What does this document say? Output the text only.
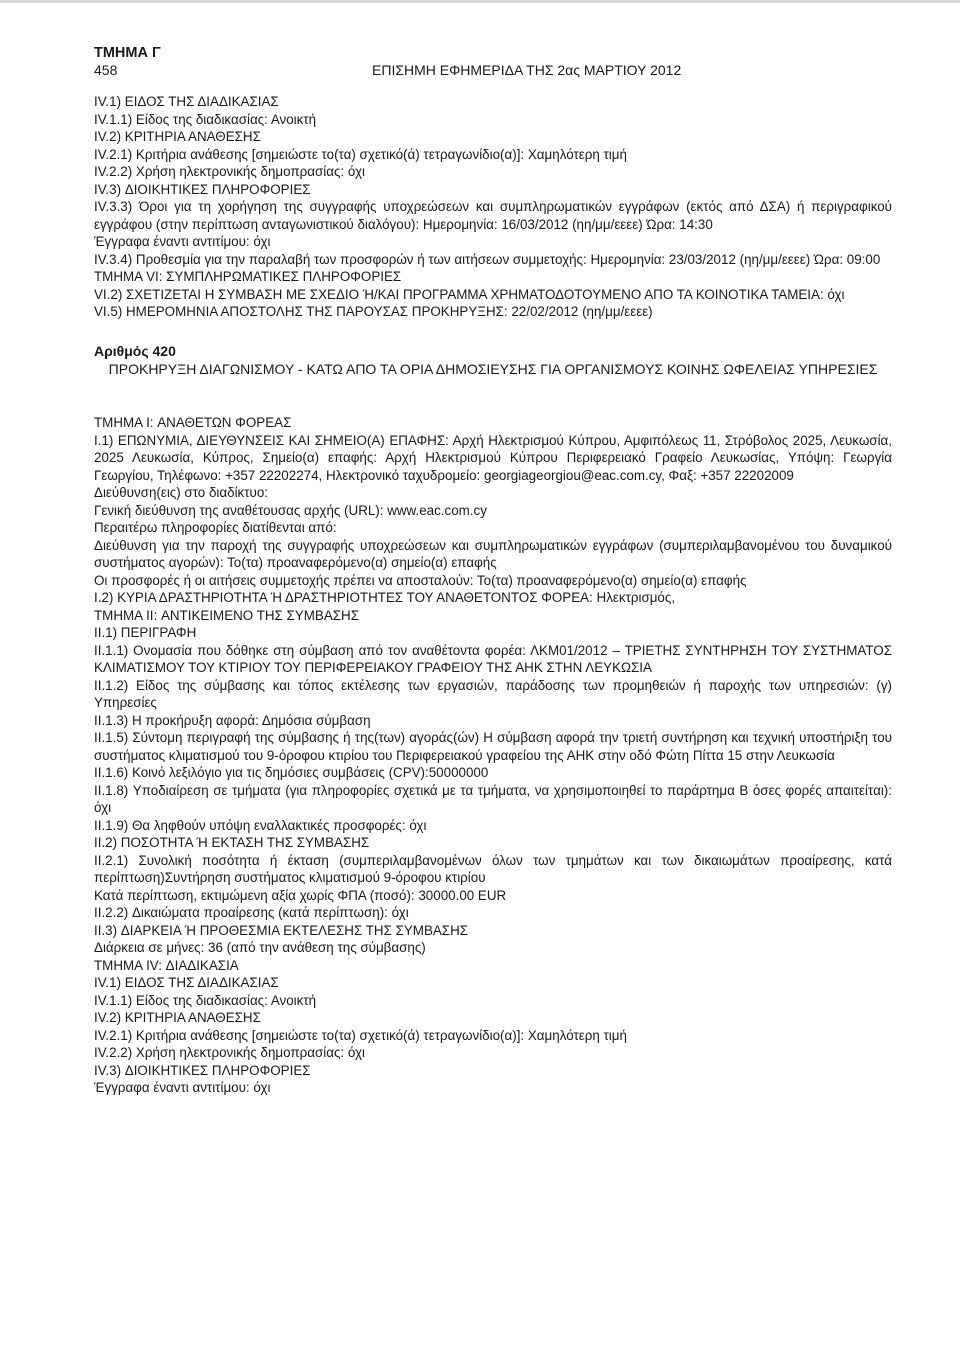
ΤΜΗΜΑ Γ
458	ΕΠΙΣΗΜΗ ΕΦΗΜΕΡΙΔΑ ΤΗΣ 2ας ΜΑΡΤΙΟΥ 2012
IV.1) ΕΙΔΟΣ ΤΗΣ ΔΙΑΔΙΚΑΣΙΑΣ
IV.1.1) Είδος της διαδικασίας: Ανοικτή
IV.2) ΚΡΙΤΗΡΙΑ ΑΝΑΘΕΣΗΣ
IV.2.1) Κριτήρια ανάθεσης [σημειώστε το(τα) σχετικό(ά) τετραγωνίδιο(α)]: Χαμηλότερη τιμή
IV.2.2) Χρήση ηλεκτρονικής δημοπρασίας: όχι
IV.3) ΔΙΟΙΚΗΤΙΚΕΣ ΠΛΗΡΟΦΟΡΙΕΣ
IV.3.3) Όροι για τη χορήγηση της συγγραφής υποχρεώσεων και συμπληρωματικών εγγράφων (εκτός από ΔΣΑ) ή περιγραφικού εγγράφου (στην περίπτωση ανταγωνιστικού διαλόγου): Ημερομηνία: 16/03/2012 (ηη/μμ/εεεε) Ώρα: 14:30
Έγγραφα έναντι αντιτίμου: όχι
IV.3.4) Προθεσμία για την παραλαβή των προσφορών ή των αιτήσεων συμμετοχής: Ημερομηνία: 23/03/2012 (ηη/μμ/εεεε) Ώρα: 09:00
ΤΜΗΜΑ VI: ΣΥΜΠΛΗΡΩΜΑΤΙΚΕΣ ΠΛΗΡΟΦΟΡΙΕΣ
VI.2) ΣΧΕΤΙΖΕΤΑΙ Η ΣΥΜΒΑΣΗ ΜΕ ΣΧΕΔΙΟ Ή/ΚΑΙ ΠΡΟΓΡΑΜΜΑ ΧΡΗΜΑΤΟΔΟΤΟΥΜΕΝΟ ΑΠΟ ΤΑ ΚΟΙΝΟΤΙΚΑ ΤΑΜΕΙΑ: όχι
VI.5) ΗΜΕΡΟΜΗΝΙΑ ΑΠΟΣΤΟΛΗΣ ΤΗΣ ΠΑΡΟΥΣΑΣ ΠΡΟΚΗΡΥΞΗΣ: 22/02/2012 (ηη/μμ/εεεε)
Αριθμός 420
ΠΡΟΚΗΡΥΞΗ ΔΙΑΓΩΝΙΣΜΟΥ - ΚΑΤΩ ΑΠΟ ΤΑ ΟΡΙΑ ΔΗΜΟΣΙΕΥΣΗΣ ΓΙΑ ΟΡΓΑΝΙΣΜΟΥΣ ΚΟΙΝΗΣ ΩΦΕΛΕΙΑΣ ΥΠΗΡΕΣΙΕΣ
ΤΜΗΜΑ I: ΑΝΑΘΕΤΩΝ ΦΟΡΕΑΣ
I.1) ΕΠΩΝΥΜΙΑ, ΔΙΕΥΘΥΝΣΕΙΣ ΚΑΙ ΣΗΜΕΙΟ(Α) ΕΠΑΦΗΣ: Αρχή Ηλεκτρισμού Κύπρου, Αμφιπόλεως 11, Στρόβολος 2025, Λευκωσία, 2025 Λευκωσία, Κύπρος, Σημείο(α) επαφής: Αρχή Ηλεκτρισμού Κύπρου Περιφερειακό Γραφείο Λευκωσίας, Υπόψη: Γεωργία Γεωργίου, Τηλέφωνο: +357 22202274, Ηλεκτρονικό ταχυδρομείο: georgiageorgiou@eac.com.cy, Φαξ: +357 22202009
Διεύθυνση(εις) στο διαδίκτυο:
Γενική διεύθυνση της αναθέτουσας αρχής (URL): www.eac.com.cy
Περαιτέρω πληροφορίες διατίθενται από:
Διεύθυνση για την παροχή της συγγραφής υποχρεώσεων και συμπληρωματικών εγγράφων (συμπεριλαμβανομένου του δυναμικού συστήματος αγορών): Το(τα) προαναφερόμενο(α) σημείο(α) επαφής
Οι προσφορές ή οι αιτήσεις συμμετοχής πρέπει να αποσταλούν: Το(τα) προαναφερόμενο(α) σημείο(α) επαφής
I.2) ΚΥΡΙΑ ΔΡΑΣΤΗΡΙΟΤΗΤΑ Ή ΔΡΑΣΤΗΡΙΟΤΗΤΕΣ ΤΟΥ ΑΝΑΘΕΤΟΝΤΟΣ ΦΟΡΕΑ: Ηλεκτρισμός,
ΤΜΗΜΑ II: ΑΝΤΙΚΕΙΜΕΝΟ ΤΗΣ ΣΥΜΒΑΣΗΣ
II.1) ΠΕΡΙΓΡΑΦΗ
II.1.1) Ονομασία που δόθηκε στη σύμβαση από τον αναθέτοντα φορέα: ΛΚΜ01/2012 – ΤΡΙΕΤΗΣ ΣΥΝΤΗΡΗΣΗ ΤΟΥ ΣΥΣΤΗΜΑΤΟΣ ΚΛΙΜΑΤΙΣΜΟΥ ΤΟΥ ΚΤΙΡΙΟΥ ΤΟΥ ΠΕΡΙΦΕΡΕΙΑΚΟΥ ΓΡΑΦΕΙΟΥ ΤΗΣ ΑΗΚ ΣΤΗΝ ΛΕΥΚΩΣΙΑ
II.1.2) Είδος της σύμβασης και τόπος εκτέλεσης των εργασιών, παράδοσης των προμηθειών ή παροχής των υπηρεσιών: (γ) Υπηρεσίες
II.1.3) Η προκήρυξη αφορά: Δημόσια σύμβαση
II.1.5) Σύντομη περιγραφή της σύμβασης ή της(των) αγοράς(ών) Η σύμβαση αφορά την τριετή συντήρηση και τεχνική υποστήριξη του συστήματος κλιματισμού του 9-όροφου κτιρίου του Περιφερειακού γραφείου της ΑΗΚ στην οδό Φώτη Πίττα 15 στην Λευκωσία
II.1.6) Κοινό λεξιλόγιο για τις δημόσιες συμβάσεις (CPV):50000000
II.1.8) Υποδιαίρεση σε τμήματα (για πληροφορίες σχετικά με τα τμήματα, να χρησιμοποιηθεί το παράρτημα Β όσες φορές απαιτείται): όχι
II.1.9) Θα ληφθούν υπόψη εναλλακτικές προσφορές: όχι
II.2) ΠΟΣΟΤΗΤΑ Ή ΕΚΤΑΣΗ ΤΗΣ ΣΥΜΒΑΣΗΣ
II.2.1) Συνολική ποσότητα ή έκταση (συμπεριλαμβανομένων όλων των τμημάτων και των δικαιωμάτων προαίρεσης, κατά περίπτωση)Συντήρηση συστήματος κλιματισμού 9-όροφου κτιρίου
Κατά περίπτωση, εκτιμώμενη αξία χωρίς ΦΠΑ (ποσό): 30000.00 EUR
II.2.2) Δικαιώματα προαίρεσης (κατά περίπτωση): όχι
II.3) ΔΙΑΡΚΕΙΑ Ή ΠΡΟΘΕΣΜΙΑ ΕΚΤΕΛΕΣΗΣ ΤΗΣ ΣΥΜΒΑΣΗΣ
Διάρκεια σε μήνες: 36 (από την ανάθεση της σύμβασης)
ΤΜΗΜΑ IV: ΔΙΑΔΙΚΑΣΙΑ
IV.1) ΕΙΔΟΣ ΤΗΣ ΔΙΑΔΙΚΑΣΙΑΣ
IV.1.1) Είδος της διαδικασίας: Ανοικτή
IV.2) ΚΡΙΤΗΡΙΑ ΑΝΑΘΕΣΗΣ
IV.2.1) Κριτήρια ανάθεσης [σημειώστε το(τα) σχετικό(ά) τετραγωνίδιο(α)]: Χαμηλότερη τιμή
IV.2.2) Χρήση ηλεκτρονικής δημοπρασίας: όχι
IV.3) ΔΙΟΙΚΗΤΙΚΕΣ ΠΛΗΡΟΦΟΡΙΕΣ
Έγγραφα έναντι αντιτίμου: όχι
